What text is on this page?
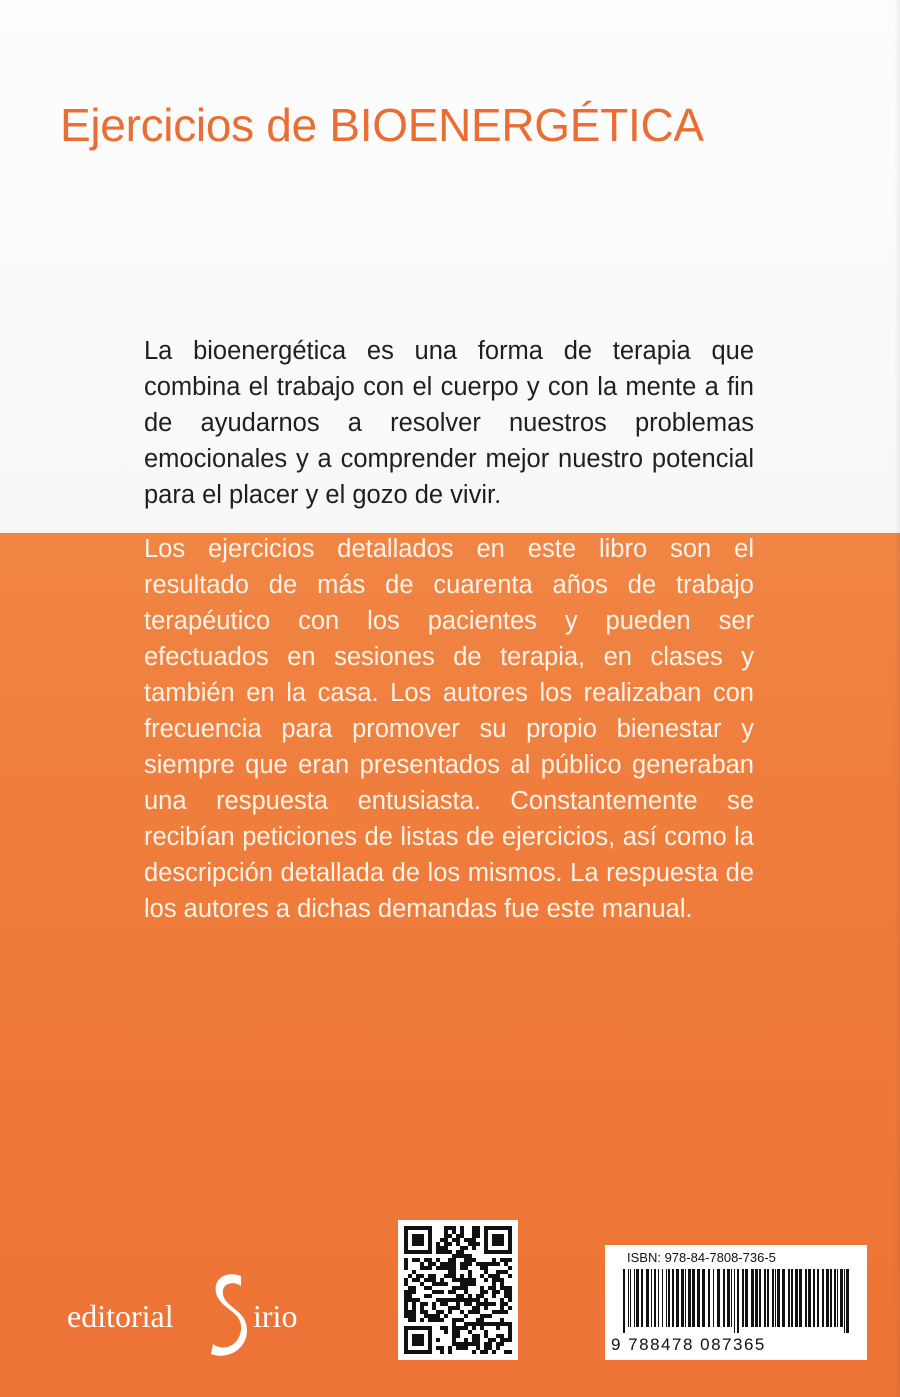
Ejercicios de BIOENERGÉTICA

La bioenergética es una forma de terapia que combina el trabajo con el cuerpo y con la mente a fin de ayudarnos a resolver nuestros problemas emocionales y a comprender mejor nuestro potencial para el placer y el gozo de vivir.

Los ejercicios detallados en este libro son el resultado de más de cuarenta años de trabajo terapéutico con los pacientes y pueden ser efectuados en sesiones de terapia, en clases y también en la casa. Los autores los realizaban con frecuencia para promover su propio bienestar y siempre que eran presentados al público generaban una respuesta entusiasta. Constantemente se recibían peticiones de listas de ejercicios, así como la descripción detallada de los mismos. La respuesta de los autores a dichas demandas fue este manual.

editorial irio
ISBN: 978-84-7808-736-5
9 788478 087365
